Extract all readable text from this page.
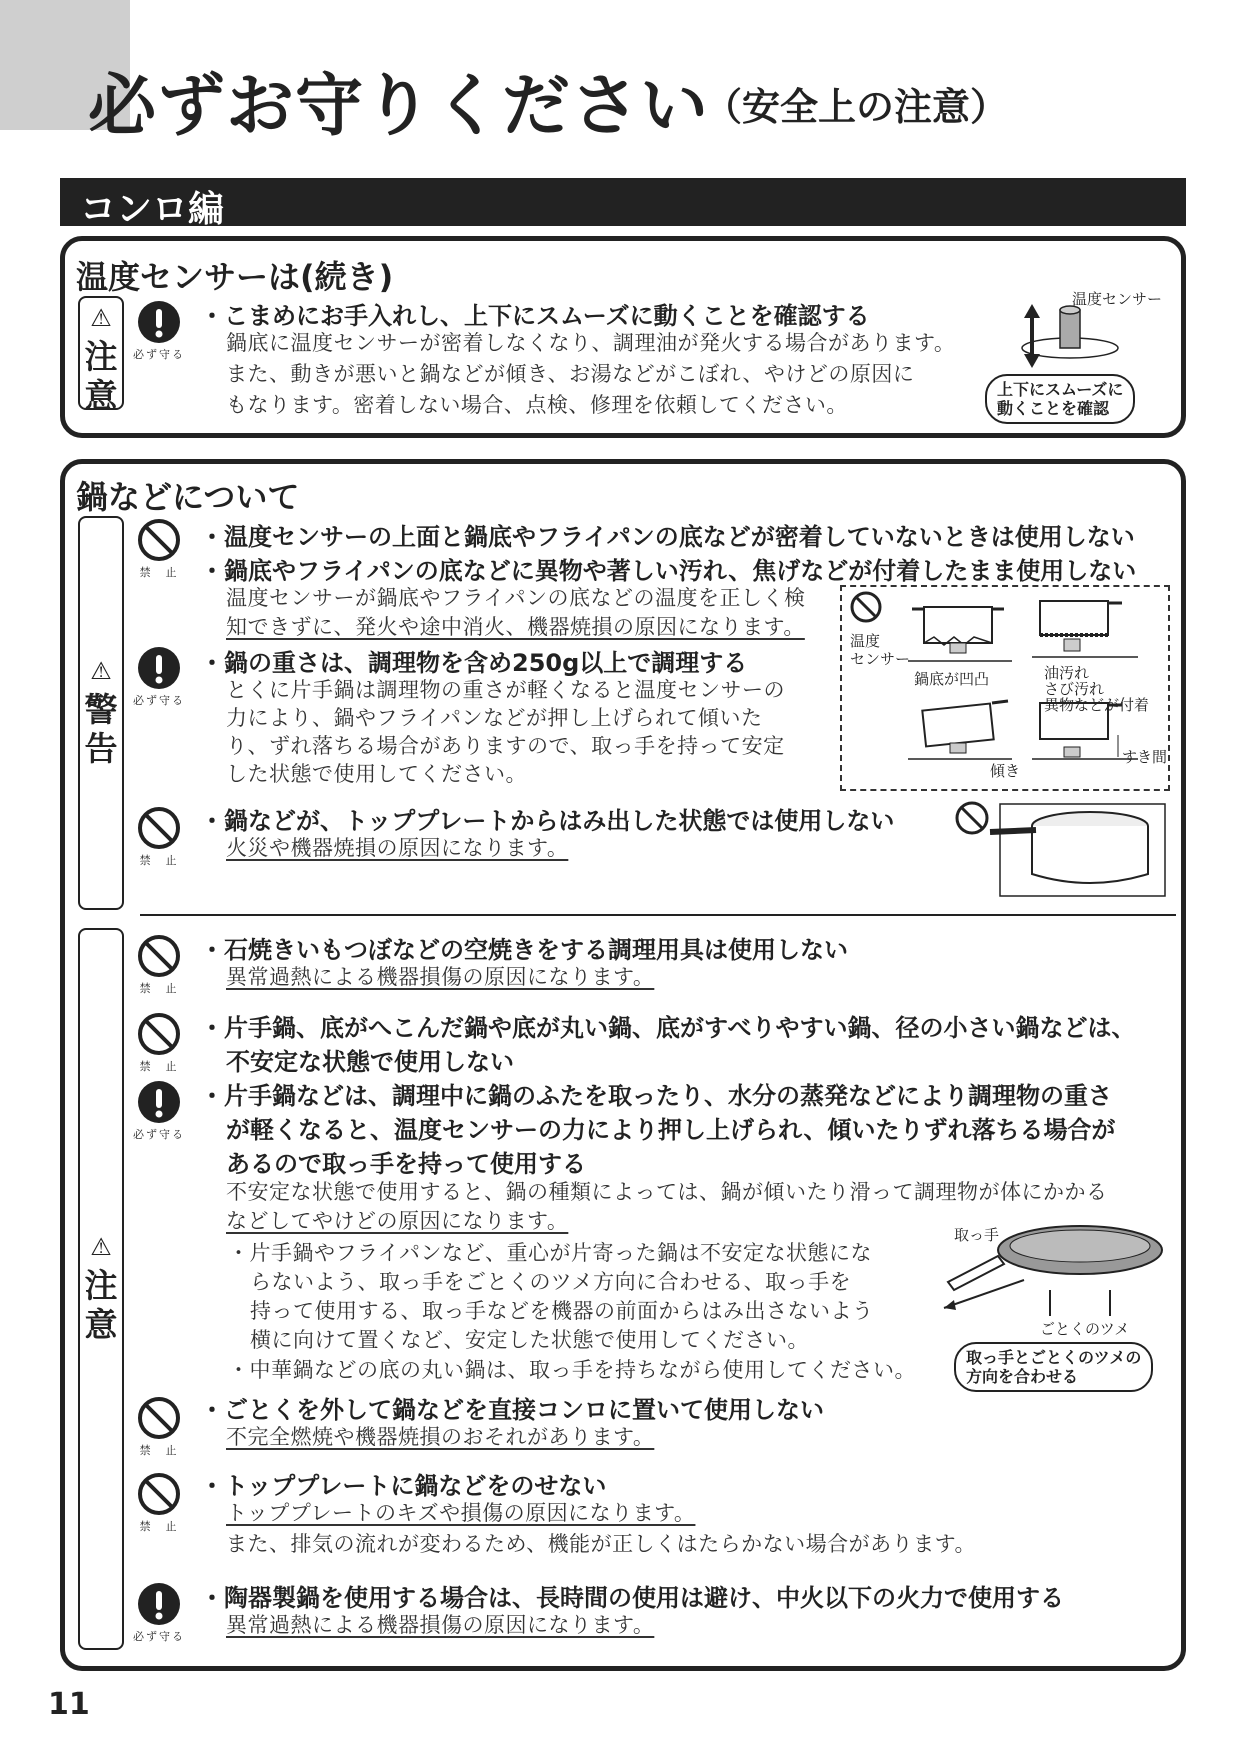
必ずお守りください
（安全上の注意）
コンロ編
温度センサーは(続き)
⚠
注
意
必ず守る
・こまめにお手入れし、上下にスムーズに動くことを確認する
鍋底に温度センサーが密着しなくなり、調理油が発火する場合があります。
また、動きが悪いと鍋などが傾き、お湯などがこぼれ、やけどの原因に
もなります。密着しない場合、点検、修理を依頼してください。
温度センサー
上下にスムーズに
動くことを確認
鍋などについて
⚠
警
告
⚠
注
意
禁　止
必ず守る
禁　止
禁　止
禁　止
必ず守る
禁　止
禁　止
必ず守る
・温度センサーの上面と鍋底やフライパンの底などが密着していないときは使用しない
・鍋底やフライパンの底などに異物や著しい汚れ、焦げなどが付着したまま使用しない
温度センサーが鍋底やフライパンの底などの温度を正しく検
知できずに、発火や途中消火、機器焼損の原因になります。
・鍋の重さは、調理物を含め250g以上で調理する
とくに片手鍋は調理物の重さが軽くなると温度センサーの
力により、鍋やフライパンなどが押し上げられて傾いた
り、ずれ落ちる場合がありますので、取っ手を持って安定
した状態で使用してください。
温度
センサー
鍋底が凹凸	油汚れ
さび汚れ
異物などが付着
傾き
すき間
・鍋などが、トッププレートからはみ出した状態では使用しない
火災や機器焼損の原因になります。
・石焼きいもつぼなどの空焼きをする調理用具は使用しない
異常過熱による機器損傷の原因になります。
・片手鍋、底がへこんだ鍋や底が丸い鍋、底がすべりやすい鍋、径の小さい鍋などは、
不安定な状態で使用しない
・片手鍋などは、調理中に鍋のふたを取ったり、水分の蒸発などにより調理物の重さ
が軽くなると、温度センサーの力により押し上げられ、傾いたりずれ落ちる場合が
あるので取っ手を持って使用する
不安定な状態で使用すると、鍋の種類によっては、鍋が傾いたり滑って調理物が体にかかる
などしてやけどの原因になります。
・片手鍋やフライパンなど、重心が片寄った鍋は不安定な状態にな
らないよう、取っ手をごとくのツメ方向に合わせる、取っ手を
持って使用する、取っ手などを機器の前面からはみ出さないよう
横に向けて置くなど、安定した状態で使用してください。
・中華鍋などの底の丸い鍋は、取っ手を持ちながら使用してください。
取っ手
ごとくのツメ
取っ手とごとくのツメの
方向を合わせる
・ごとくを外して鍋などを直接コンロに置いて使用しない
不完全燃焼や機器焼損のおそれがあります。
・トッププレートに鍋などをのせない
トッププレートのキズや損傷の原因になります。
また、排気の流れが変わるため、機能が正しくはたらかない場合があります。
・陶器製鍋を使用する場合は、長時間の使用は避け、中火以下の火力で使用する
異常過熱による機器損傷の原因になります。
11
